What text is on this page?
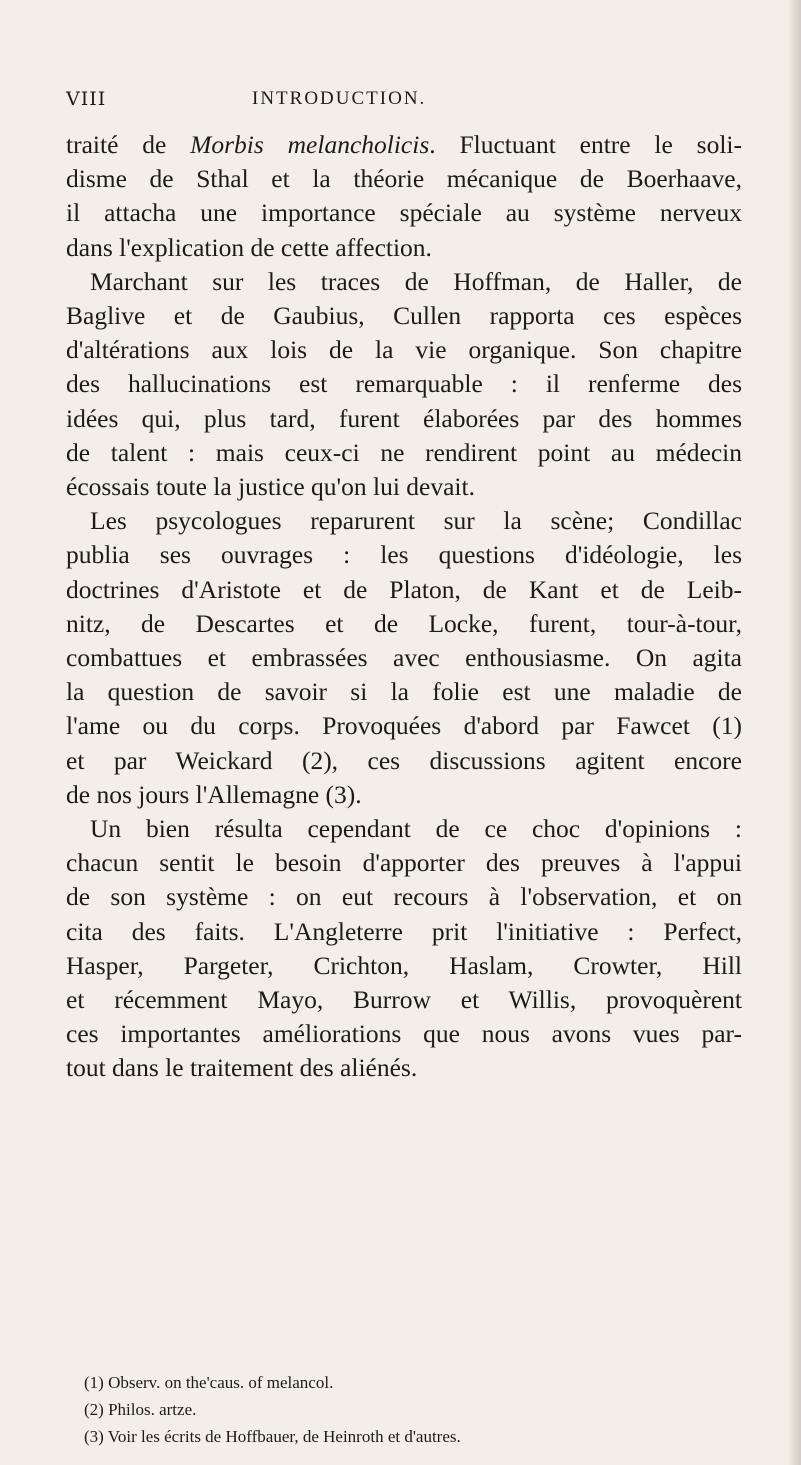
VIII	INTRODUCTION.
traité de Morbis melancholicis. Fluctuant entre le soli-
disme de Sthal et la théorie mécanique de Boerhaave,
il attacha une importance spéciale au système nerveux
dans l'explication de cette affection.
Marchant sur les traces de Hoffman, de Haller, de
Baglive et de Gaubius, Cullen rapporta ces espèces
d'altérations aux lois de la vie organique. Son chapitre
des hallucinations est remarquable : il renferme des
idées qui, plus tard, furent élaborées par des hommes
de talent : mais ceux-ci ne rendirent point au médecin
écossais toute la justice qu'on lui devait.
Les psycologues reparurent sur la scène; Condillac
publia ses ouvrages : les questions d'idéologie, les
doctrines d'Aristote et de Platon, de Kant et de Leib-
nitz, de Descartes et de Locke, furent, tour-à-tour,
combattues et embrassées avec enthousiasme. On agita
la question de savoir si la folie est une maladie de
l'ame ou du corps. Provoquées d'abord par Fawcet (1)
et par Weickard (2), ces discussions agitent encore
de nos jours l'Allemagne (3).
Un bien résulta cependant de ce choc d'opinions :
chacun sentit le besoin d'apporter des preuves à l'appui
de son système : on eut recours à l'observation, et on
cita des faits. L'Angleterre prit l'initiative : Perfect,
Hasper, Pargeter, Crichton, Haslam, Crowter, Hill
et récemment Mayo, Burrow et Willis, provoquèrent
ces importantes améliorations que nous avons vues par-
tout dans le traitement des aliénés.
(1) Observ. on the'caus. of melancol.
(2) Philos. artze.
(3) Voir les écrits de Hoffbauer, de Heinroth et d'autres.
